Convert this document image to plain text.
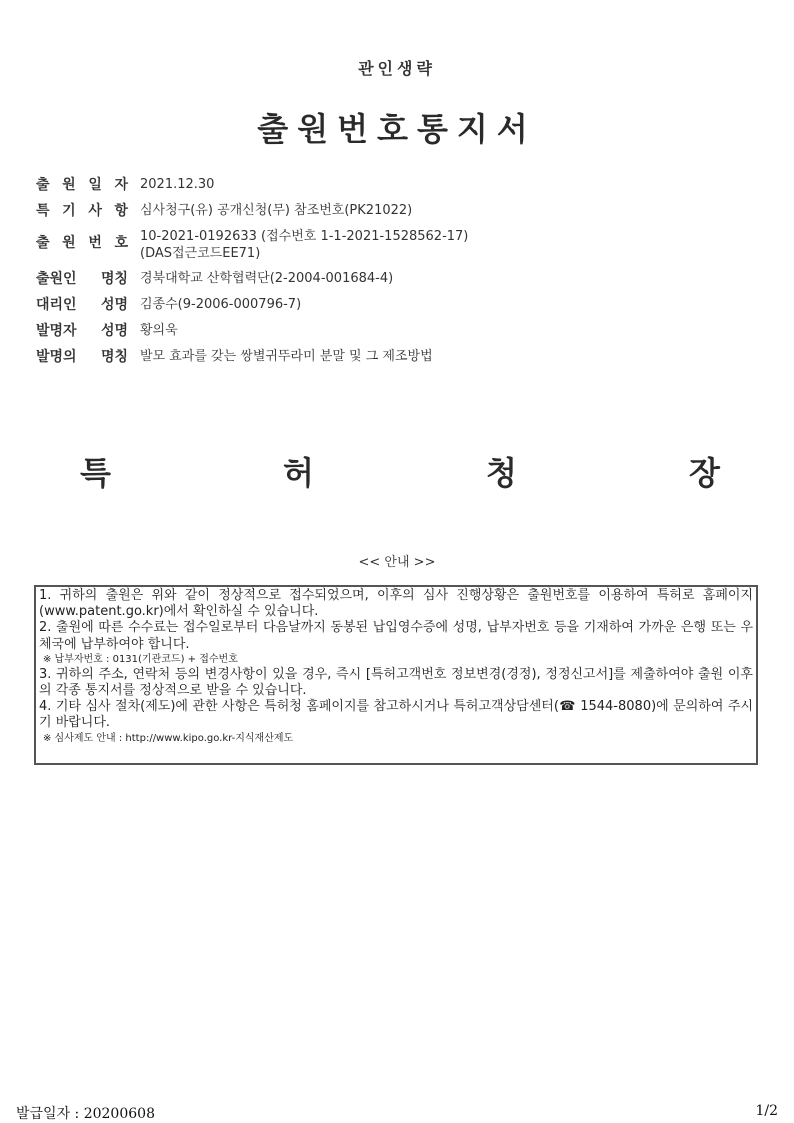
관인생략
출원번호통지서
출 원 일 자 2021.12.30
특 기 사 항 심사청구(유) 공개신청(무) 참조번호(PK21022)
출 원 번 호 10-2021-0192633 (접수번호 1-1-2021-1528562-17)
(DAS접근코드EE71)
출원인 명칭 경북대학교 산학협력단(2-2004-001684-4)
대리인 성명 김종수(9-2006-000796-7)
발명자 성명 황의욱
발명의 명칭 발모 효과를 갖는 쌍별귀뚜라미 분말 및 그 제조방법
특	허	청	장
<< 안내 >>
1. 귀하의 출원은 위와 같이 정상적으로 접수되었으며, 이후의 심사 진행상황은 출원번호를 이용하여 특허로 홈페이지(www.patent.go.kr)에서 확인하실 수 있습니다.
2. 출원에 따른 수수료는 접수일로부터 다음날까지 동봉된 납입영수증에 성명, 납부자번호 등을 기재하여 가까운 은행 또는 우체국에 납부하여야 합니다.
※ 납부자번호 : 0131(기관코드) + 접수번호
3. 귀하의 주소, 연락처 등의 변경사항이 있을 경우, 즉시 [특허고객번호 정보변경(경정), 정정신고서]를 제출하여야 출원 이후의 각종 통지서를 정상적으로 받을 수 있습니다.
4. 기타 심사 절차(제도)에 관한 사항은 특허청 홈페이지를 참고하시거나 특허고객상담센터(☎ 1544-8080)에 문의하여 주시기 바랍니다.
※ 심사제도 안내 : http://www.kipo.go.kr-지식재산제도
발급일자 : 20200608	1/2
